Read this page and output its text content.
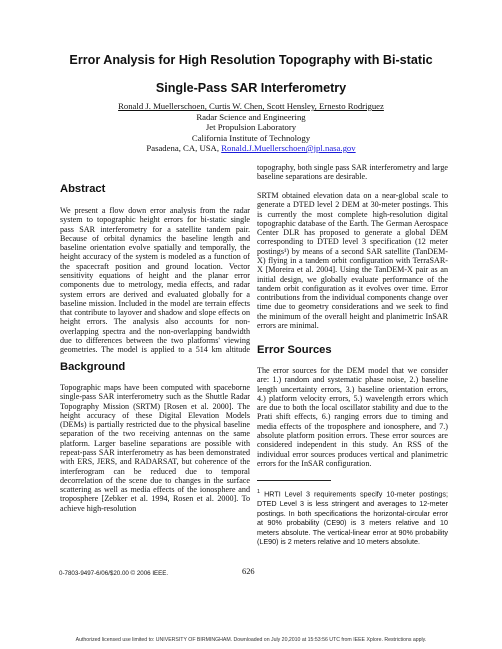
Error Analysis for High Resolution Topography with Bi-static
Single-Pass SAR Interferometry
Ronald J. Muellerschoen, Curtis W. Chen, Scott Hensley, Ernesto Rodriguez
Radar Science and Engineering
Jet Propulsion Laboratory
California Institute of Technology
Pasadena, CA, USA, Ronald.J.Muellerschoen@jpl.nasa.gov
Abstract

We present a flow down error analysis from the radar system to topographic height errors for bi-static single pass SAR interferometry for a satellite tandem pair. Because of orbital dynamics the baseline length and baseline orientation evolve spatially and temporally, the height accuracy of the system is modeled as a function of the spacecraft position and ground location. Vector sensitivity equations of height and the planar error components due to metrology, media effects, and radar system errors are derived and evaluated globally for a baseline mission. Included in the model are terrain effects that contribute to layover and shadow and slope effects on height errors. The analysis also accounts for non-overlapping spectra and the non-overlapping bandwidth due to differences between the two platforms' viewing geometries. The model is applied to a 514 km altitude

Background

Topographic maps have been computed with spaceborne single-pass SAR interferometry such as the Shuttle Radar Topography Mission (SRTM) [Rosen et al. 2000]. The height accuracy of these Digital Elevation Models (DEMs) is partially restricted due to the physical baseline separation of the two receiving antennas on the same platform. Larger baseline separations are possible with repeat-pass SAR interferometry as has been demonstrated with ERS, JERS, and RADARSAT, but coherence of the interferogram can be reduced due to temporal decorrelation of the scene due to changes in the surface scattering as well as media effects of the ionosphere and troposphere [Zebker et al. 1994, Rosen et al. 2000]. To achieve high-resolution

topography, both single pass SAR interferometry and large baseline separations are desirable.

SRTM obtained elevation data on a near-global scale to generate a DTED level 2 DEM at 30-meter postings. This is currently the most complete high-resolution digital topographic database of the Earth. The German Aerospace Center DLR has proposed to generate a global DEM corresponding to DTED level 3 specification (12 meter postings¹) by means of a second SAR satellite (TanDEM-X) flying in a tandem orbit configuration with TerraSAR-X [Moreira et al. 2004]. Using the TanDEM-X pair as an initial design, we globally evaluate performance of the tandem orbit configuration as it evolves over time. Error contributions from the individual components change over time due to geometry considerations and we seek to find the minimum of the overall height and planimetric InSAR errors are minimal.

Error Sources

The error sources for the DEM model that we consider are: 1.) random and systematic phase noise, 2.) baseline length uncertainty errors, 3.) baseline orientation errors, 4.) platform velocity errors, 5.) wavelength errors which are due to both the local oscillator stability and due to the Prati shift effects, 6.) ranging errors due to timing and media effects of the troposphere and ionosphere, and 7.) absolute platform position errors. These error sources are considered independent in this study. An RSS of the individual error sources produces vertical and planimetric errors for the InSAR configuration.

$^1$ HRTI Level 3 requirements specify 10-meter postings; DTED Level 3 is less stringent and averages to 12-meter postings. In both specifications the horizontal-circular error at 90% probability (CE90) is 3 meters relative and 10 meters absolute. The vertical-linear error at 90% probability (LE90) is 2 meters relative and 10 meters absolute.

0-7803-9497-6/06/$20.00 © 2006 IEEE.	626
Authorized licensed use limited to: UNIVERSITY OF BIRMINGHAM. Downloaded on July 20,2010 at 15:53:56 UTC from IEEE Xplore. Restrictions apply.
